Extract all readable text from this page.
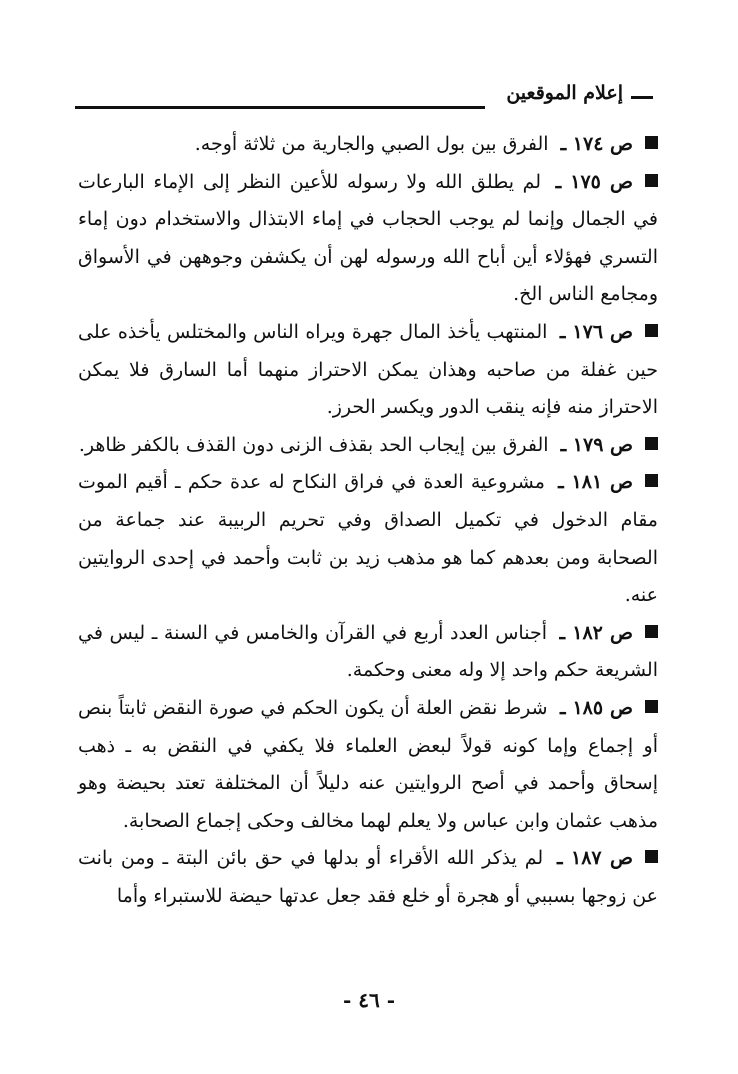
إعلام الموقعين
ص ١٧٤ ـ الفرق بين بول الصبي والجارية من ثلاثة أوجه.
ص ١٧٥ ـ لم يطلق الله ولا رسوله للأعين النظر إلى الإماء البارعات في الجمال وإنما لم يوجب الحجاب في إماء الابتذال والاستخدام دون إماء التسري فهؤلاء أين أباح الله ورسوله لهن أن يكشفن وجوههن في الأسواق ومجامع الناس الخ.
ص ١٧٦ ـ المنتهب يأخذ المال جهرة ويراه الناس والمختلس يأخذه على حين غفلة من صاحبه وهذان يمكن الاحتراز منهما أما السارق فلا يمكن الاحتراز منه فإنه ينقب الدور ويكسر الحرز.
ص ١٧٩ ـ الفرق بين إيجاب الحد بقذف الزنى دون القذف بالكفر ظاهر.
ص ١٨١ ـ مشروعية العدة في فراق النكاح له عدة حكم ـ أقيم الموت مقام الدخول في تكميل الصداق وفي تحريم الربيبة عند جماعة من الصحابة ومن بعدهم كما هو مذهب زيد بن ثابت وأحمد في إحدى الروايتين عنه.
ص ١٨٢ ـ أجناس العدد أربع في القرآن والخامس في السنة ـ ليس في الشريعة حكم واحد إلا وله معنى وحكمة.
ص ١٨٥ ـ شرط نقض العلة أن يكون الحكم في صورة النقض ثابتاً بنص أو إجماع وإما كونه قولاً لبعض العلماء فلا يكفي في النقض به ـ ذهب إسحاق وأحمد في أصح الروايتين عنه دليلاً أن المختلفة تعتد بحيضة وهو مذهب عثمان وابن عباس ولا يعلم لهما مخالف وحكى إجماع الصحابة.
ص ١٨٧ ـ لم يذكر الله الأقراء أو بدلها في حق بائن البتة ـ ومن بانت عن زوجها بسببي أو هجرة أو خلع فقد جعل عدتها حيضة للاستبراء وأما
- ٤٦ -
